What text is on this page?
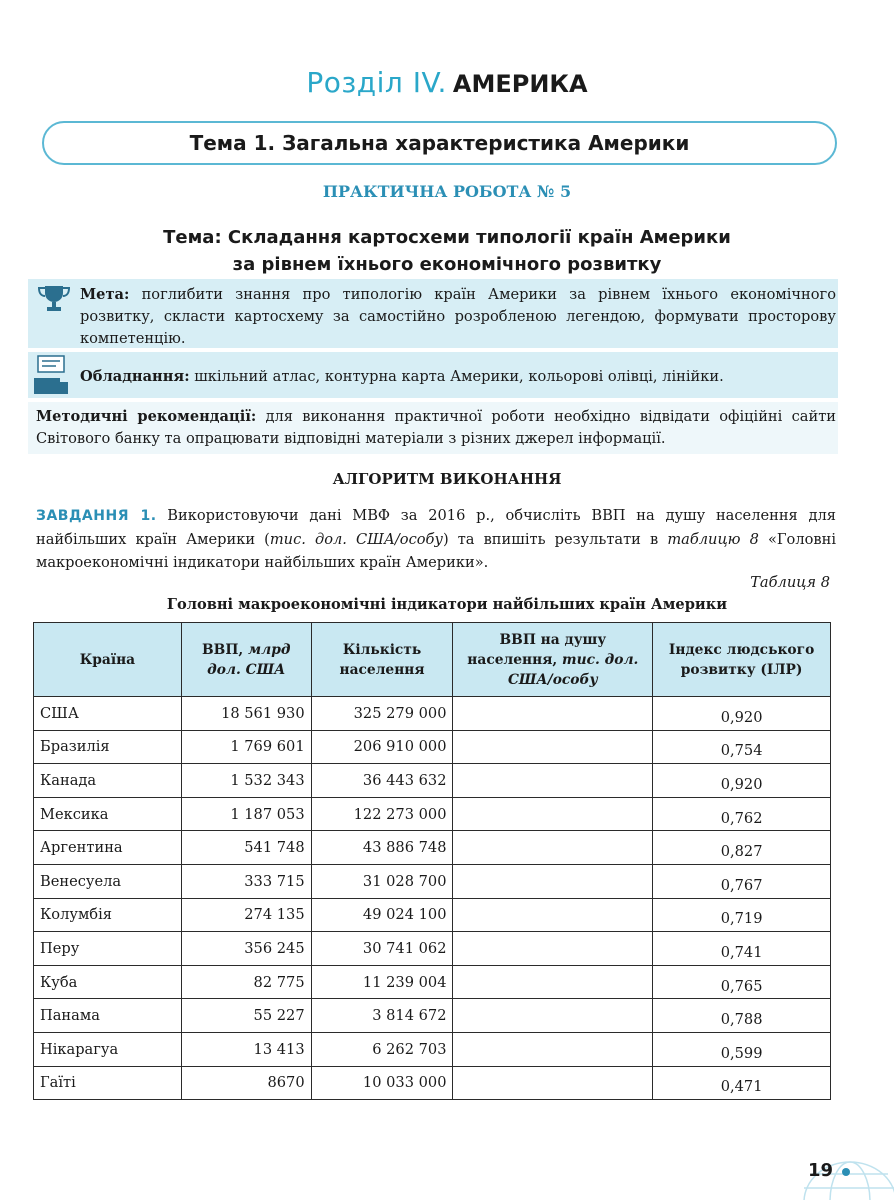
Розділ IV. АМЕРИКА
Тема 1. Загальна характеристика Америки
ПРАКТИЧНА РОБОТА № 5
Тема: Складання картосхеми типології країн Америки
за рівнем їхнього економічного розвитку
Мета: поглибити знання про типологію країн Америки за рівнем їхнього економічного розвитку, скласти картосхему за самостійно розробленою легендою, формувати просторову компетенцію.
Обладнання: шкільний атлас, контурна карта Америки, кольорові олівці, лінійки.
Методичні рекомендації: для виконання практичної роботи необхідно відвідати офіційні сайти Світового банку та опрацювати відповідні матеріали з різних джерел інформації.
АЛГОРИТМ ВИКОНАННЯ
ЗАВДАННЯ 1. Використовуючи дані МВФ за 2016 р., обчисліть ВВП на душу населення для найбільших країн Америки (тис. дол. США/особу) та впишіть результати в таблицю 8 «Головні макроекономічні індикатори найбільших країн Америки».
Таблиця 8
Головні макроекономічні індикатори найбільших країн Америки
Країна	ВВП, млрд дол. США	Кількість населення	ВВП на душу населення, тис. дол. США/особу	Індекс людського розвитку (ІЛР)
США	18 561 930	325 279 000		0,920
Бразилія	1 769 601	206 910 000		0,754
Канада	1 532 343	36 443 632		0,920
Мексика	1 187 053	122 273 000		0,762
Аргентина	541 748	43 886 748		0,827
Венесуела	333 715	31 028 700		0,767
Колумбія	274 135	49 024 100		0,719
Перу	356 245	30 741 062		0,741
Куба	82 775	11 239 004		0,765
Панама	55 227	3 814 672		0,788
Нікарагуа	13 413	6 262 703		0,599
Гаїті	8670	10 033 000		0,471
19
